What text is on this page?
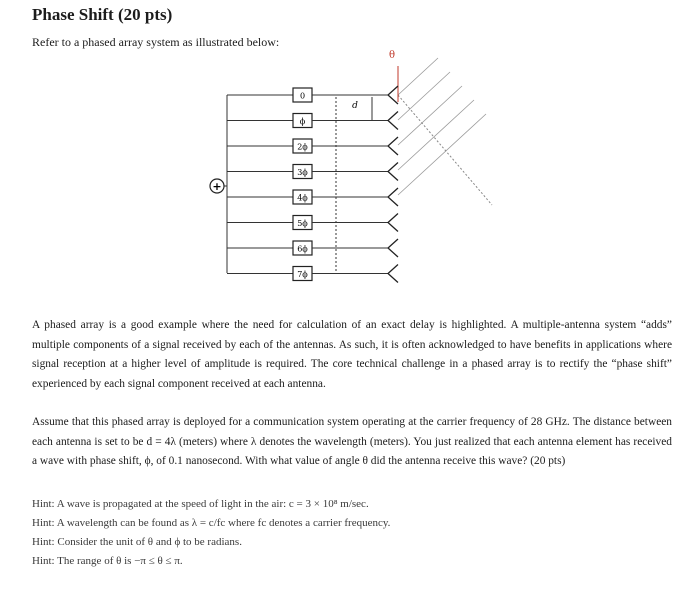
Phase Shift (20 pts)
Refer to a phased array system as illustrated below:
0
ϕ
2ϕ
3ϕ
4ϕ
5ϕ
6ϕ
7ϕ
+
θ
d
A phased array is a good example where the need for calculation of an exact delay is highlighted. A multiple-antenna system “adds” multiple components of a signal received by each of the antennas. As such, it is often acknowledged to have benefits in applications where signal reception at a higher level of amplitude is required. The core technical challenge in a phased array is to rectify the “phase shift” experienced by each signal component received at each antenna.
Assume that this phased array is deployed for a communication system operating at the carrier frequency of 28 GHz. The distance between each antenna is set to be d = 4λ (meters) where λ denotes the wavelength (meters). You just realized that each antenna element has received a wave with phase shift, ϕ, of 0.1 nanosecond. With what value of angle θ did the antenna receive this wave? (20 pts)
Hint: A wave is propagated at the speed of light in the air: c = 3 × 10⁸ m/sec.
Hint: A wavelength can be found as λ = c/fc where fc denotes a carrier frequency.
Hint: Consider the unit of θ and ϕ to be radians.
Hint: The range of θ is −π ≤ θ ≤ π.
